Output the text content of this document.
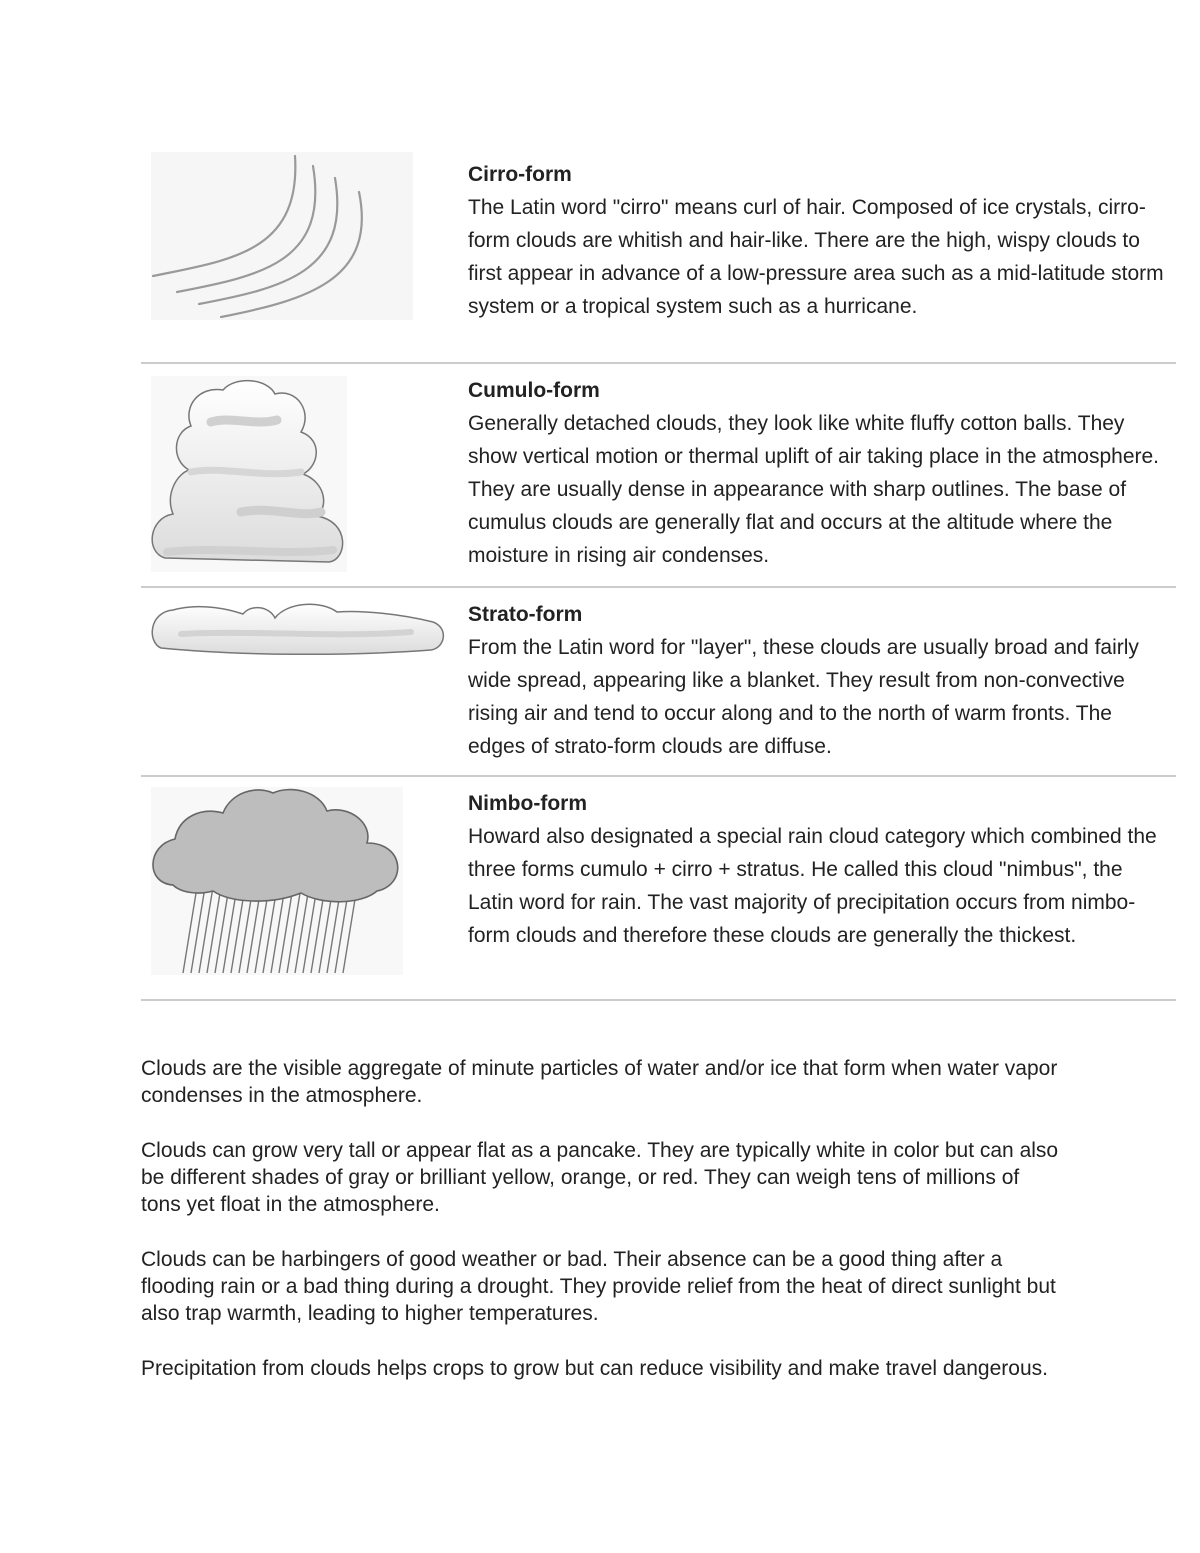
Cirro-form
The Latin word "cirro" means curl of hair. Composed of ice crystals, cirro-form clouds are whitish and hair-like. There are the high, wispy clouds to first appear in advance of a low-pressure area such as a mid-latitude storm system or a tropical system such as a hurricane.
Cumulo-form
Generally detached clouds, they look like white fluffy cotton balls. They show vertical motion or thermal uplift of air taking place in the atmosphere. They are usually dense in appearance with sharp outlines. The base of cumulus clouds are generally flat and occurs at the altitude where the moisture in rising air condenses.
Strato-form
From the Latin word for "layer", these clouds are usually broad and fairly wide spread, appearing like a blanket. They result from non-convective rising air and tend to occur along and to the north of warm fronts. The edges of strato-form clouds are diffuse.
Nimbo-form
Howard also designated a special rain cloud category which combined the three forms cumulo + cirro + stratus. He called this cloud "nimbus", the Latin word for rain. The vast majority of precipitation occurs from nimbo-form clouds and therefore these clouds are generally the thickest.

Clouds are the visible aggregate of minute particles of water and/or ice that form when water vapor condenses in the atmosphere.

Clouds can grow very tall or appear flat as a pancake. They are typically white in color but can also be different shades of gray or brilliant yellow, orange, or red. They can weigh tens of millions of tons yet float in the atmosphere.

Clouds can be harbingers of good weather or bad. Their absence can be a good thing after a flooding rain or a bad thing during a drought. They provide relief from the heat of direct sunlight but also trap warmth, leading to higher temperatures.

Precipitation from clouds helps crops to grow but can reduce visibility and make travel dangerous.
